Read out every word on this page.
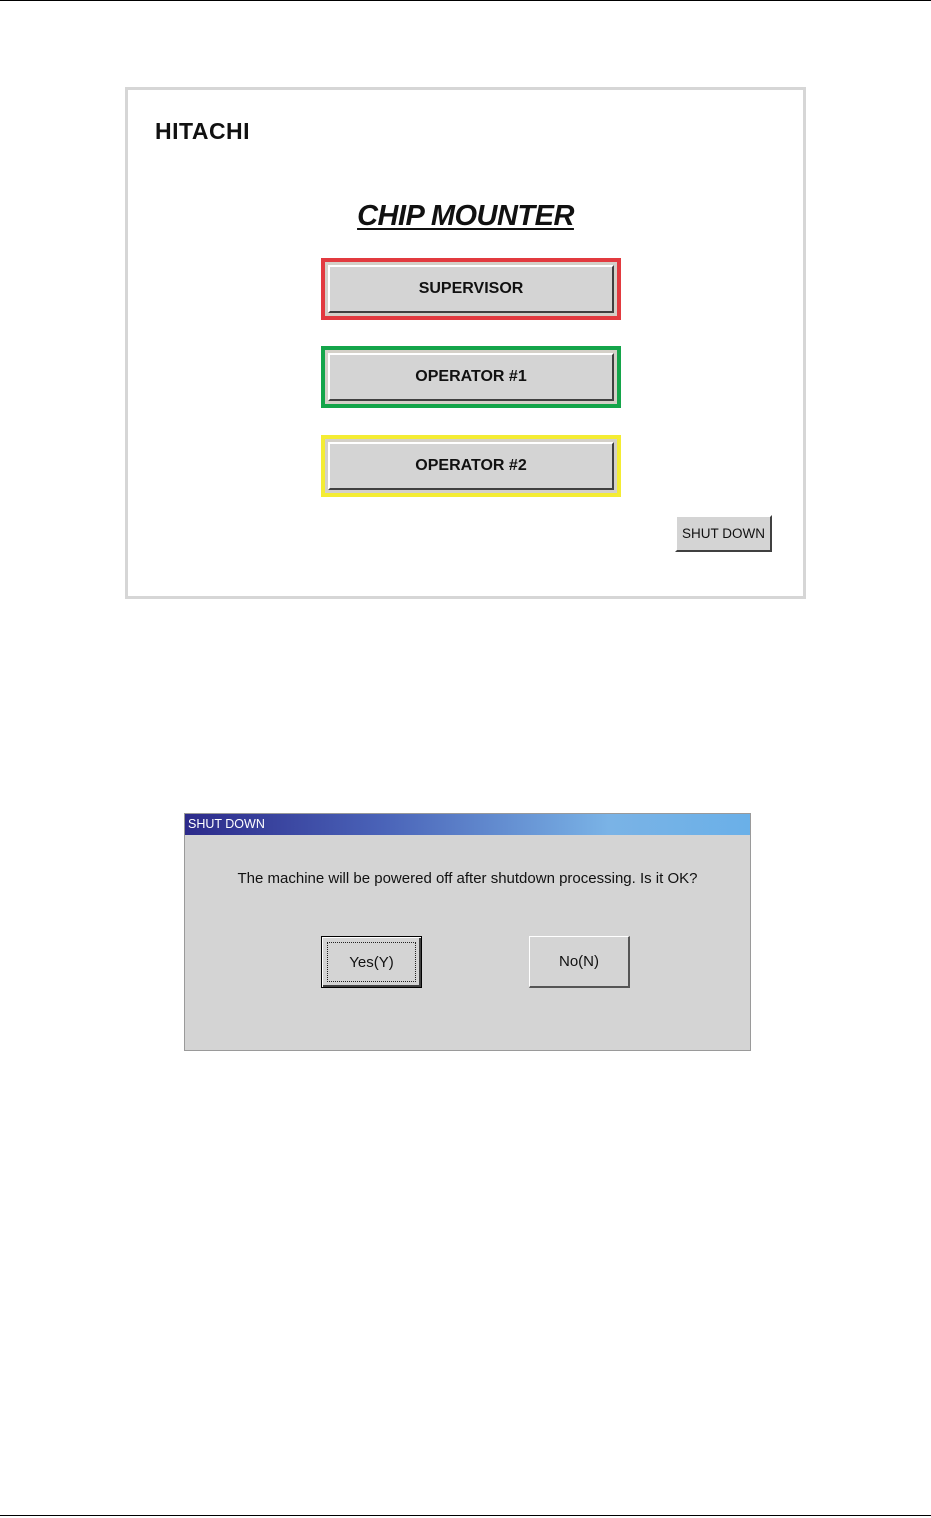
HITACHI
CHIP MOUNTER
SUPERVISOR
OPERATOR #1
OPERATOR #2
SHUT DOWN
SHUT DOWN
The machine will be powered off after shutdown processing. Is it OK?
Yes(Y)	No(N)
